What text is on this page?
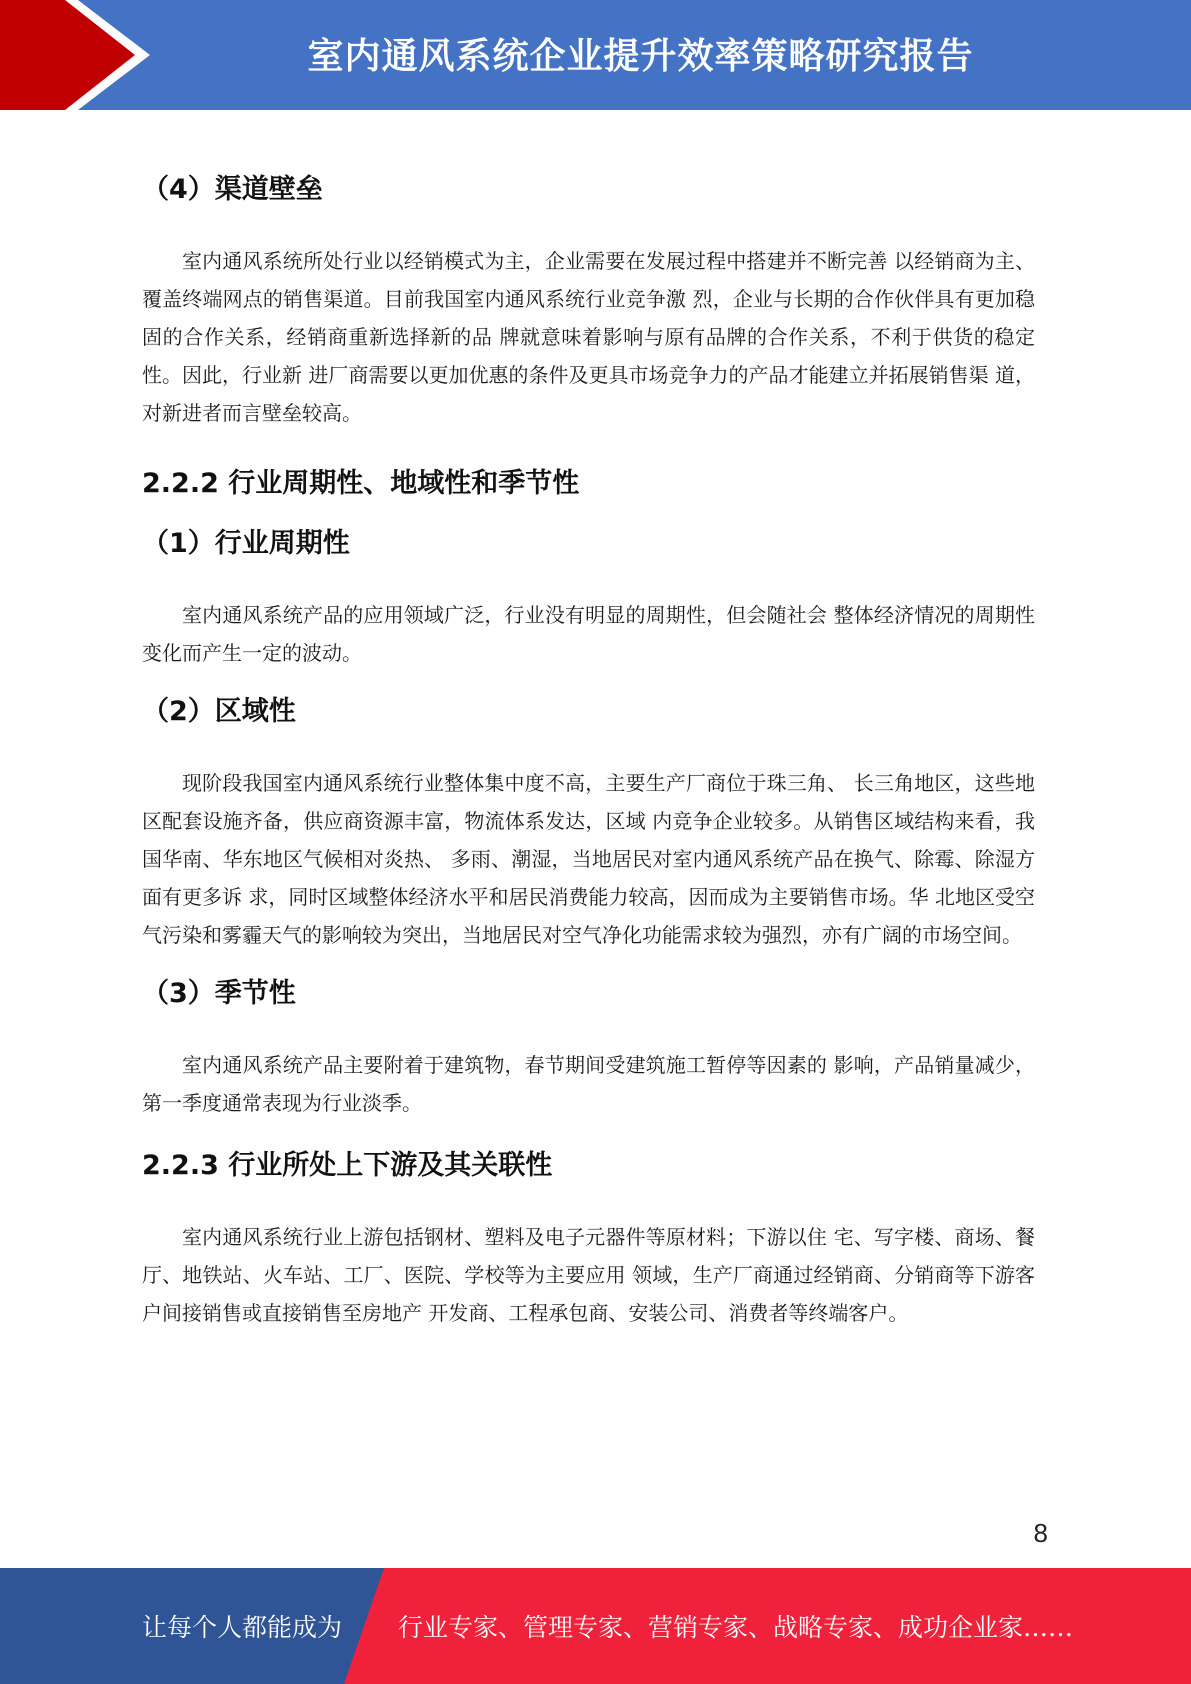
室内通风系统企业提升效率策略研究报告
（4）渠道壁垒

室内通风系统所处行业以经销模式为主，企业需要在发展过程中搭建并不断完善 以经销商为主、覆盖终端网点的销售渠道。目前我国室内通风系统行业竞争激 烈，企业与长期的合作伙伴具有更加稳固的合作关系，经销商重新选择新的品 牌就意味着影响与原有品牌的合作关系，不利于供货的稳定性。因此，行业新 进厂商需要以更加优惠的条件及更具市场竞争力的产品才能建立并拓展销售渠 道，对新进者而言壁垒较高。

2.2.2 行业周期性、地域性和季节性
（1）行业周期性

室内通风系统产品的应用领域广泛，行业没有明显的周期性，但会随社会 整体经济情况的周期性变化而产生一定的波动。

（2）区域性

现阶段我国室内通风系统行业整体集中度不高，主要生产厂商位于珠三角、 长三角地区，这些地区配套设施齐备，供应商资源丰富，物流体系发达，区域 内竞争企业较多。从销售区域结构来看，我国华南、华东地区气候相对炎热、 多雨、潮湿，当地居民对室内通风系统产品在换气、除霉、除湿方面有更多诉 求，同时区域整体经济水平和居民消费能力较高，因而成为主要销售市场。华 北地区受空气污染和雾霾天气的影响较为突出，当地居民对空气净化功能需求较为强烈，亦有广阔的市场空间。

（3）季节性

室内通风系统产品主要附着于建筑物，春节期间受建筑施工暂停等因素的 影响，产品销量减少，第一季度通常表现为行业淡季。

2.2.3 行业所处上下游及其关联性

室内通风系统行业上游包括钢材、塑料及电子元器件等原材料；下游以住 宅、写字楼、商场、餐厅、地铁站、火车站、工厂、医院、学校等为主要应用 领域，生产厂商通过经销商、分销商等下游客户间接销售或直接销售至房地产 开发商、工程承包商、安装公司、消费者等终端客户。

8
让每个人都能成为 行业专家、管理专家、营销专家、战略专家、成功企业家……
